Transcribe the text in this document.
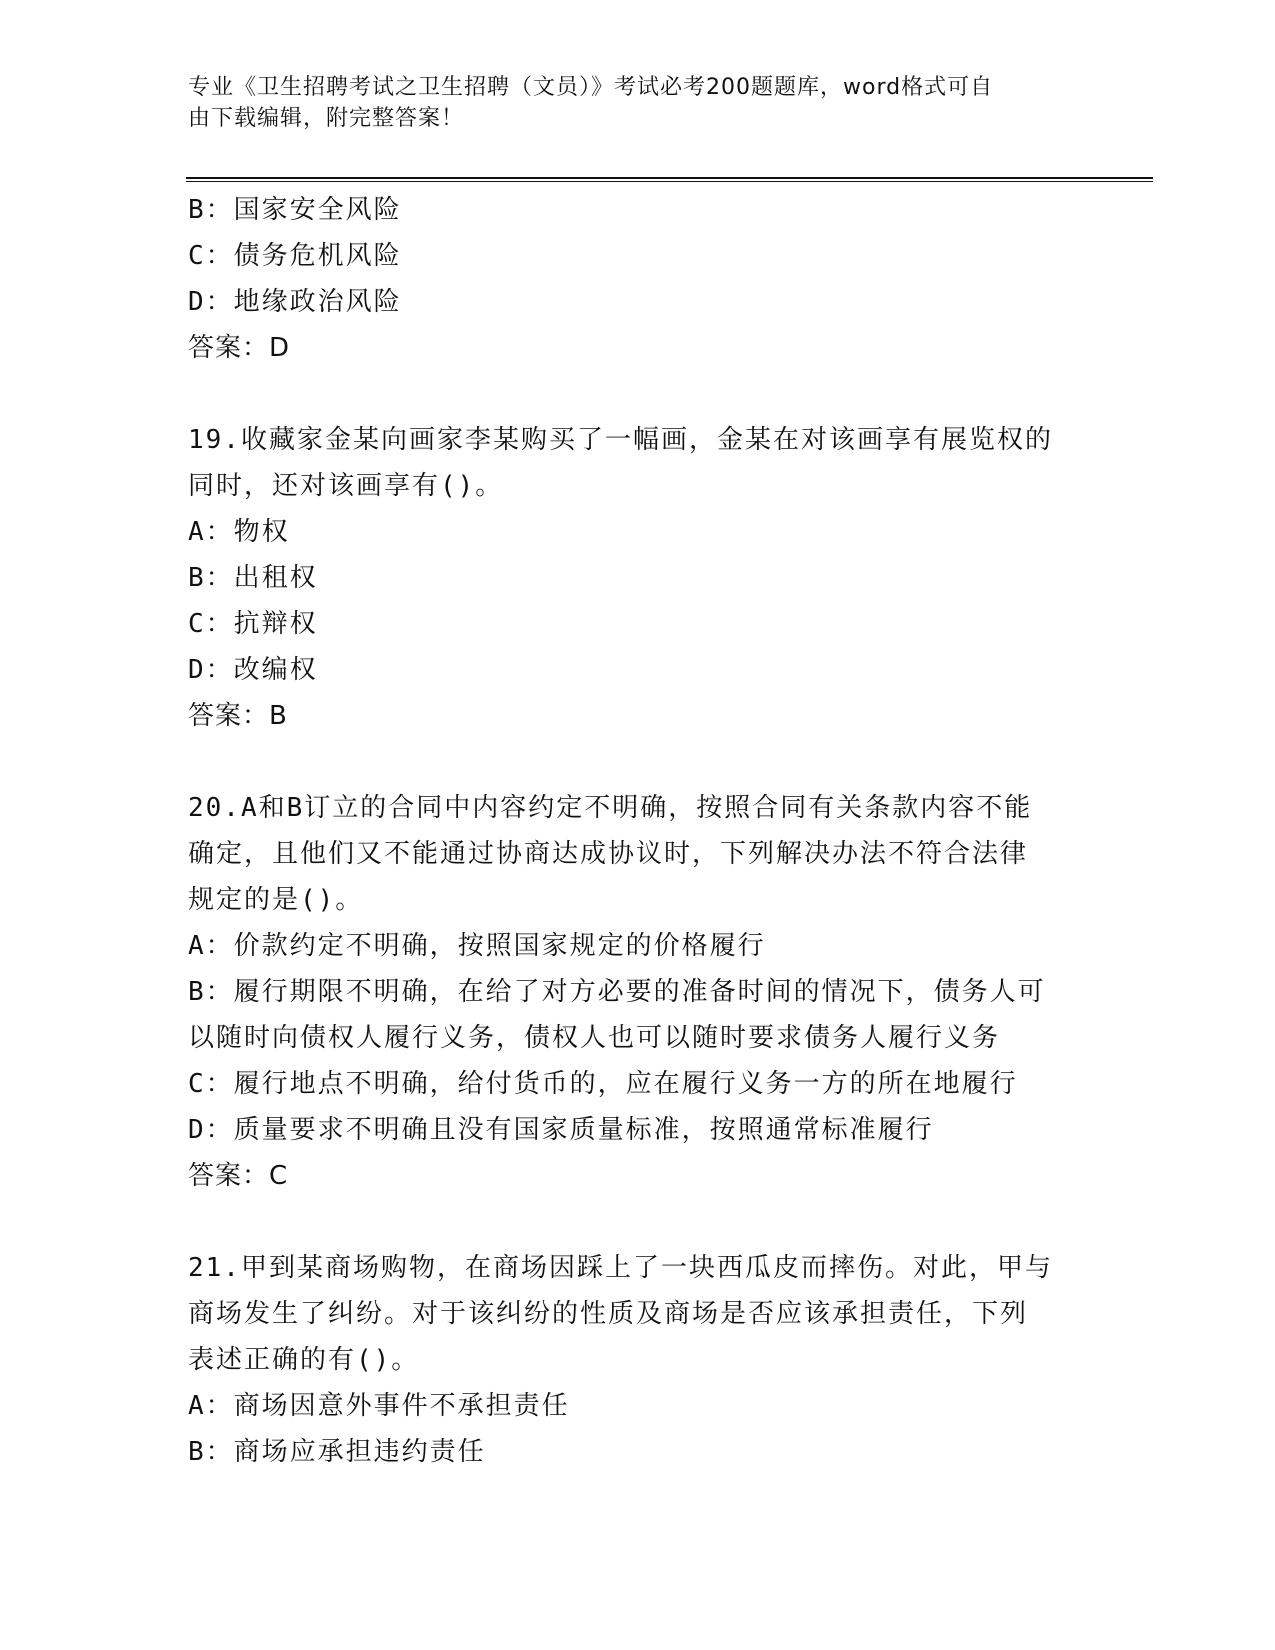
专业《卫生招聘考试之卫生招聘（文员）》考试必考200题题库，word格式可自
由下载编辑，附完整答案！

B：国家安全风险

C：债务危机风险

D：地缘政治风险

答案：D

19.收藏家金某向画家李某购买了一幅画，金某在对该画享有展览权的

同时，还对该画享有()。

A：物权

B：出租权

C：抗辩权

D：改编权

答案：B

20.A和B订立的合同中内容约定不明确，按照合同有关条款内容不能

确定，且他们又不能通过协商达成协议时，下列解决办法不符合法律

规定的是()。

A：价款约定不明确，按照国家规定的价格履行

B：履行期限不明确，在给了对方必要的准备时间的情况下，债务人可

以随时向债权人履行义务，债权人也可以随时要求债务人履行义务

C：履行地点不明确，给付货币的，应在履行义务一方的所在地履行

D：质量要求不明确且没有国家质量标准，按照通常标准履行

答案：C

21.甲到某商场购物，在商场因踩上了一块西瓜皮而摔伤。对此，甲与

商场发生了纠纷。对于该纠纷的性质及商场是否应该承担责任，下列

表述正确的有()。

A：商场因意外事件不承担责任

B：商场应承担违约责任
